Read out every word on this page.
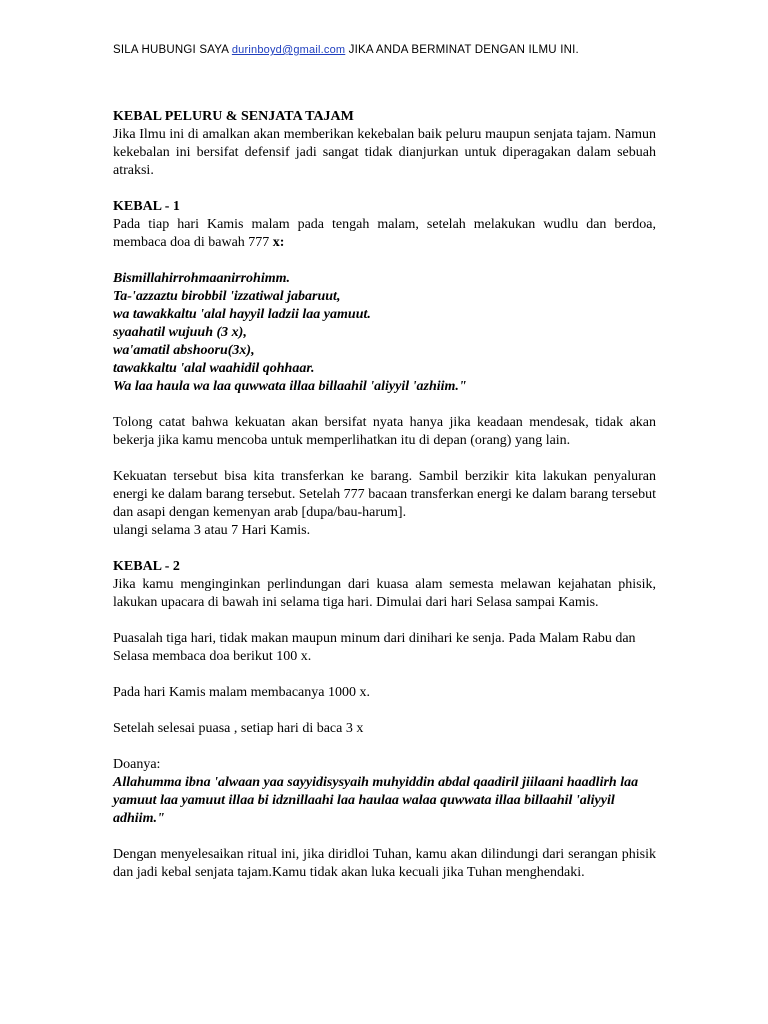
SILA HUBUNGI SAYA durinboyd@gmail.com JIKA ANDA BERMINAT DENGAN ILMU INI.

KEBAL PELURU & SENJATA TAJAM

Jika Ilmu ini di amalkan akan memberikan kekebalan baik peluru maupun senjata tajam. Namun kekebalan ini bersifat defensif jadi sangat tidak dianjurkan untuk diperagakan dalam sebuah atraksi.

KEBAL - 1

Pada tiap hari Kamis malam pada tengah malam, setelah melakukan wudlu dan berdoa, membaca doa di bawah 777 x:

Bismillahirrohmaanirrohimm.

Ta-'azzaztu birobbil 'izzatiwal jabaruut,

wa tawakkaltu 'alal hayyil ladzii laa yamuut.

syaahatil wujuuh (3 x),

wa'amatil abshooru(3x),

tawakkaltu 'alal waahidil qohhaar.

Wa laa haula wa laa quwwata illaa billaahil 'aliyyil 'azhiim."

Tolong catat bahwa kekuatan akan bersifat nyata hanya jika keadaan mendesak, tidak akan bekerja jika kamu mencoba untuk memperlihatkan itu di depan (orang) yang lain.

Kekuatan tersebut bisa kita transferkan ke barang. Sambil berzikir kita lakukan penyaluran energi ke dalam barang tersebut. Setelah 777 bacaan transferkan energi ke dalam barang tersebut dan asapi dengan kemenyan arab [dupa/bau-harum].

ulangi selama 3 atau 7 Hari Kamis.

KEBAL - 2

Jika kamu menginginkan perlindungan dari kuasa alam semesta melawan kejahatan phisik, lakukan upacara di bawah ini selama tiga hari. Dimulai dari hari Selasa sampai Kamis.

Puasalah tiga hari, tidak makan maupun minum dari dinihari ke senja. Pada Malam Rabu dan Selasa membaca doa berikut 100 x.

Pada hari Kamis malam membacanya 1000 x.

Setelah selesai puasa , setiap hari di baca 3 x

Doanya:

Allahumma ibna 'alwaan yaa sayyidisysyaih muhyiddin abdal qaadiril jiilaani haadlirh laa yamuut laa yamuut illaa bi idznillaahi laa haulaa walaa quwwata illaa billaahil 'aliyyil adhiim."

Dengan menyelesaikan ritual ini, jika diridloi Tuhan, kamu akan dilindungi dari serangan phisik dan jadi kebal senjata tajam.Kamu tidak akan luka kecuali jika Tuhan menghendaki.
